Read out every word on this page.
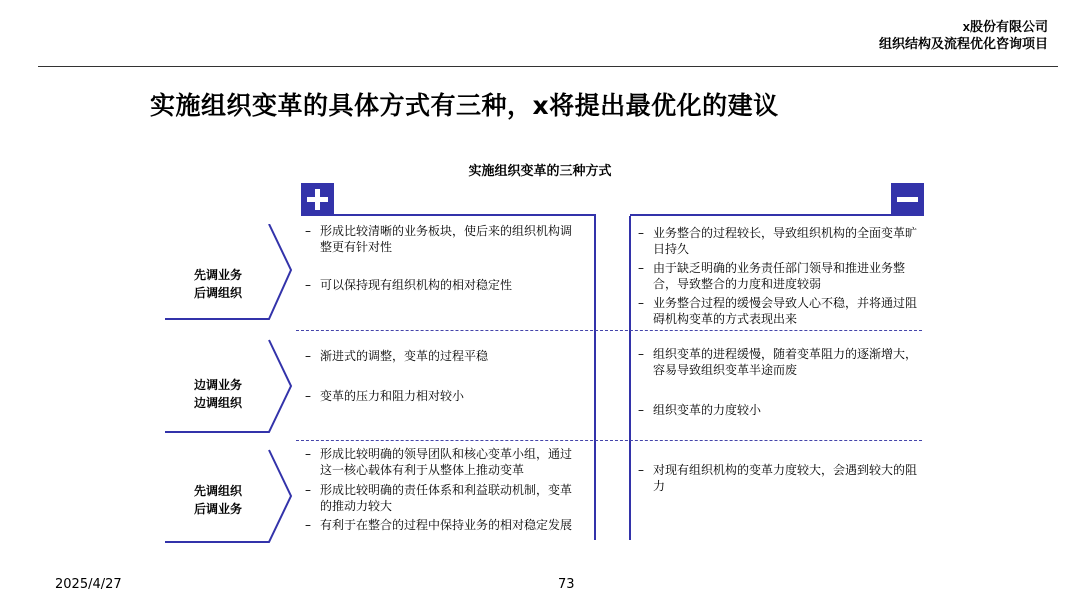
x股份有限公司
组织结构及流程优化咨询项目
实施组织变革的具体方式有三种，x将提出最优化的建议
实施组织变革的三种方式
先调业务
后调组织
边调业务
边调组织
先调组织
后调业务
– 形成比较清晰的业务板块，使后来的组织机构调整更有针对性
– 可以保持现有组织机构的相对稳定性
– 渐进式的调整，变革的过程平稳
– 变革的压力和阻力相对较小
– 形成比较明确的领导团队和核心变革小组，通过这一核心载体有利于从整体上推动变革
– 形成比较明确的责任体系和利益联动机制，变革的推动力较大
– 有利于在整合的过程中保持业务的相对稳定发展
– 业务整合的过程较长，导致组织机构的全面变革旷日持久
– 由于缺乏明确的业务责任部门领导和推进业务整合，导致整合的力度和进度较弱
– 业务整合过程的缓慢会导致人心不稳，并将通过阻碍机构变革的方式表现出来
– 组织变革的进程缓慢，随着变革阻力的逐渐增大，容易导致组织变革半途而废
– 组织变革的力度较小
– 对现有组织机构的变革力度较大，会遇到较大的阻力
2025/4/27	73
